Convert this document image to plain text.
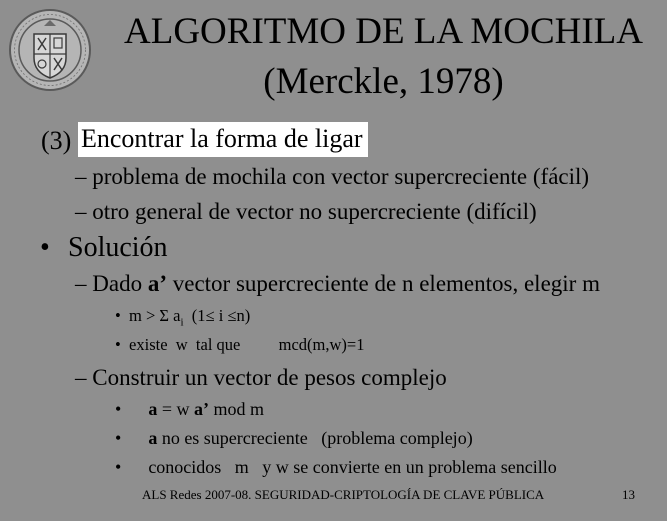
ALGORITMO DE LA MOCHILA
(Merckle, 1978)
(3) Encontrar la forma de ligar
– problema de mochila con vector supercreciente (fácil)
– otro general de vector no supercreciente (difícil)
• Solución
– Dado a’ vector supercreciente de n elementos, elegir m
• m > Σ $a_i$ (1≤ i ≤n)
• existe  w  tal que mcd(m,w)=1
– Construir un vector de pesos complejo
• a = w a’ mod m
• a no es supercreciente   (problema complejo)
• conocidos   m   y w se convierte en un problema sencillo
ALS Redes 2007-08. SEGURIDAD-CRIPTOLOGÍA DE CLAVE PÚBLICA	13
